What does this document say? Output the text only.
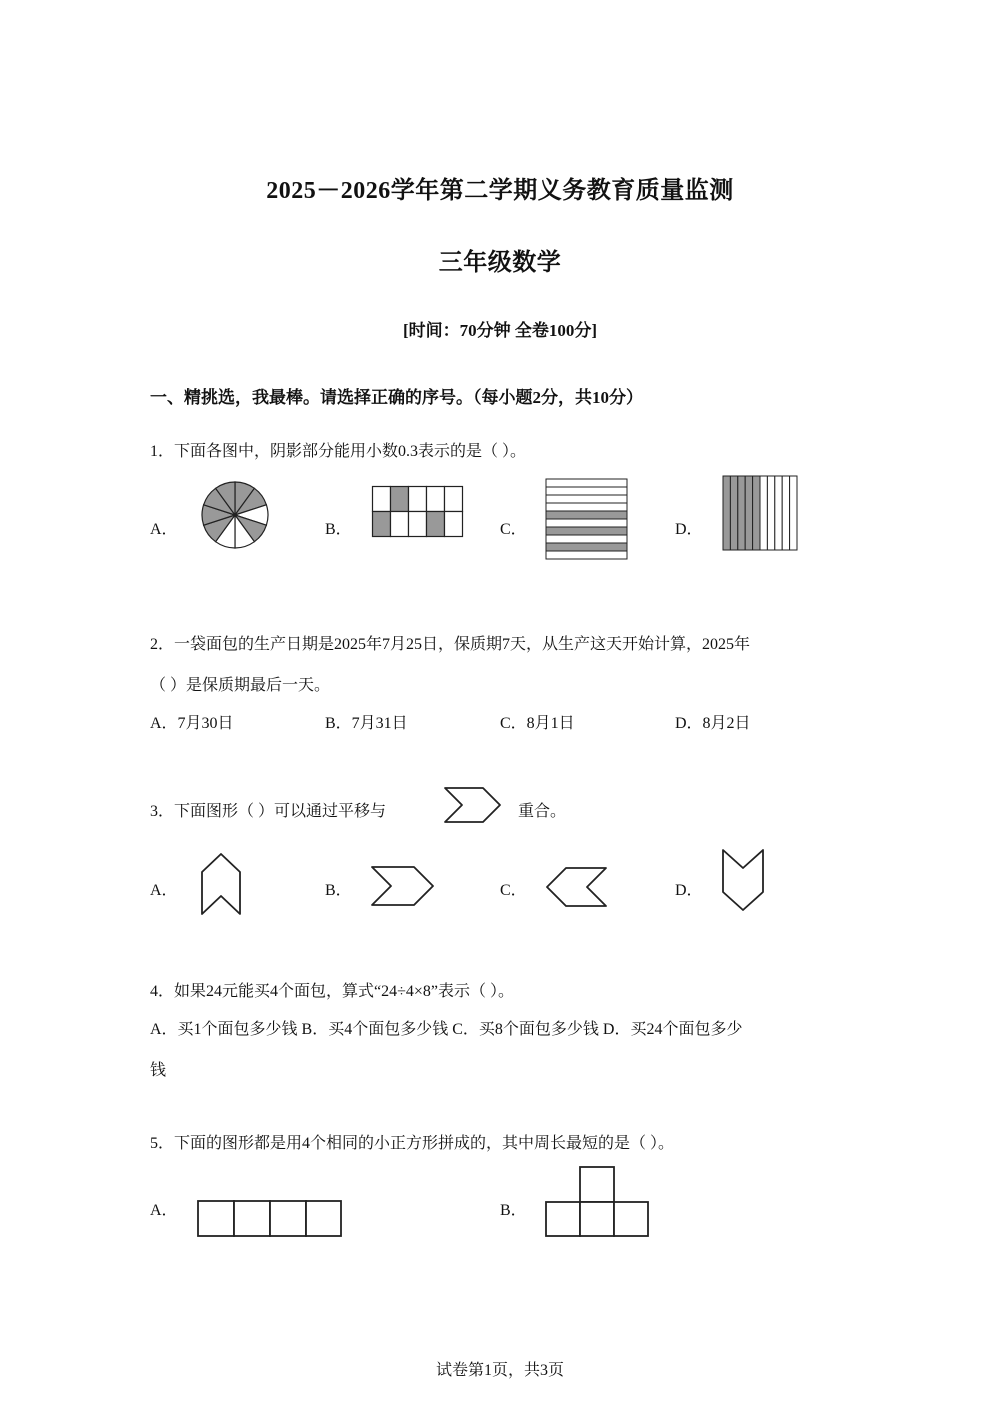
2025－2026学年第二学期义务教育质量监测
三年级数学
[时间：70分钟 全卷100分]
一、精挑选，我最棒。请选择正确的序号。（每小题2分，共10分）
1．下面各图中，阴影部分能用小数0.3表示的是（ ）。
A．	B．	C．	D．
2．一袋面包的生产日期是2025年7月25日，保质期7天，从生产这天开始计算，2025年
（ ）是保质期最后一天。
A．7月30日	B．7月31日	C．8月1日	D．8月2日
3．下面图形（ ）可以通过平移与	重合。
A．	B．	C．	D．
4．如果24元能买4个面包，算式“24÷4×8”表示（ ）。
A．买1个面包多少钱 B．买4个面包多少钱 C．买8个面包多少钱 D．买24个面包多少
钱
5．下面的图形都是用4个相同的小正方形拼成的，其中周长最短的是（ ）。
A．	B．
试卷第1页，共3页
